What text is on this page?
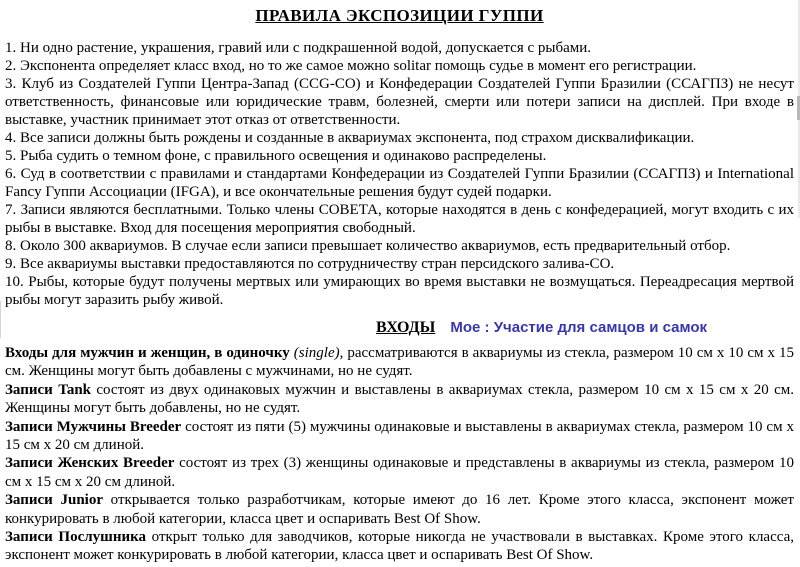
ПРАВИЛА ЭКСПОЗИЦИИ ГУППИ

1. Ни одно растение, украшения, гравий или с подкрашенной водой, допускается с рыбами.

2. Экспонента определяет класс вход, но то же самое можно solitar помощь судье в момент его регистрации.

3. Клуб из Создателей Гуппи Центра-Запад (CCG-CO) и Конфедерации Создателей Гуппи Бразилии (ССАГПЗ) не несут ответственность, финансовые или юридические травм, болезней, смерти или потери записи на дисплей. При входе в выставке, участник принимает этот отказ от ответственности.

4. Все записи должны быть рождены и созданные в аквариумах экспонента, под страхом дисквалификации.

5. Рыба судить о темном фоне, с правильного освещения и одинаково распределены.

6. Суд в соответствии с правилами и стандартами Конфедерации из Создателей Гуппи Бразилии (ССАГПЗ) и International Fancy Гуппи Ассоциации (IFGA), и все окончательные решения будут судей подарки.

7. Записи являются бесплатными. Только члены СОВЕТА, которые находятся в день с конфедерацией, могут входить с их рыбы в выставке. Вход для посещения мероприятия свободный.

8. Около 300 аквариумов. В случае если записи превышает количество аквариумов, есть предварительный отбор.

9. Все аквариумы выставки предоставляются по сотрудничеству стран персидского залива-СО.

10. Рыбы, которые будут получены мертвых или умирающих во время выставки не возмущаться. Переадресация мертвой рыбы могут заразить рыбу живой.

ВХОДЫ Мое : Участие для самцов и самок

Входы для мужчин и женщин, в одиночку (single), рассматриваются в аквариумы из стекла, размером 10 см х 10 см х 15 см. Женщины могут быть добавлены с мужчинами, но не судят.

Записи Tank состоят из двух одинаковых мужчин и выставлены в аквариумах стекла, размером 10 см х 15 см х 20 см. Женщины могут быть добавлены, но не судят.

Записи Мужчины Breeder состоят из пяти (5) мужчины одинаковые и выставлены в аквариумах стекла, размером 10 см х 15 см х 20 см длиной.

Записи Женских Breeder состоят из трех (3) женщины одинаковые и представлены в аквариумы из стекла, размером 10 см х 15 см х 20 см длиной.

Записи Junior открывается только разработчикам, которые имеют до 16 лет. Кроме этого класса, экспонент может конкурировать в любой категории, класса цвет и оспаривать Best Of Show.

Записи Послушника открыт только для заводчиков, которые никогда не участвовали в выставках. Кроме этого класса, экспонент может конкурировать в любой категории, класса цвет и оспаривать Best Of Show.
